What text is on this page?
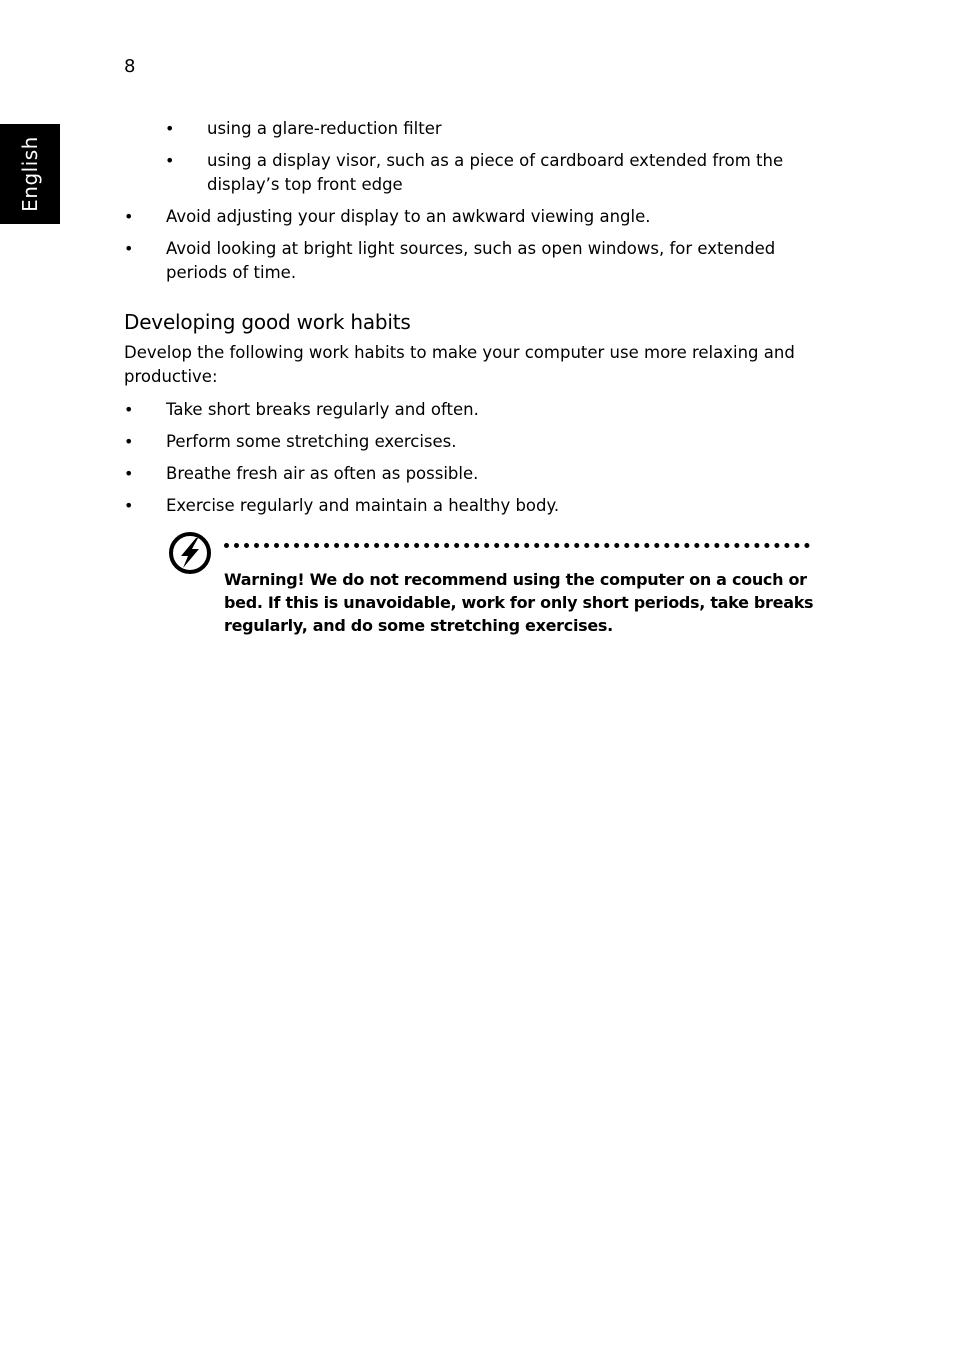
8
English
• using a glare-reduction filter
• using a display visor, such as a piece of cardboard extended from the display’s top front edge
• Avoid adjusting your display to an awkward viewing angle.
• Avoid looking at bright light sources, such as open windows, for extended periods of time.
Developing good work habits
Develop the following work habits to make your computer use more relaxing and productive:
• Take short breaks regularly and often.
• Perform some stretching exercises.
• Breathe fresh air as often as possible.
• Exercise regularly and maintain a healthy body.
Warning! We do not recommend using the computer on a couch or bed. If this is unavoidable, work for only short periods, take breaks regularly, and do some stretching exercises.
